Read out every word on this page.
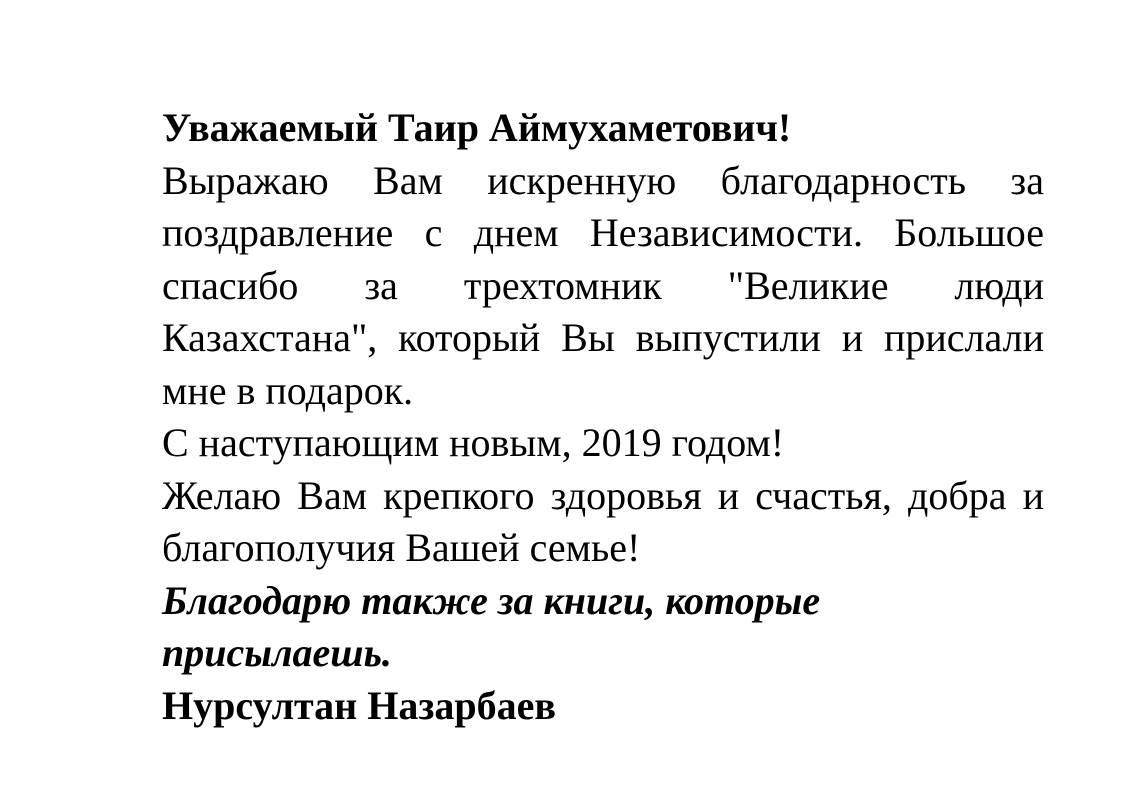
Уважаемый Таир Аймухаметович!

Выражаю Вам искренную благодарность за поздравление с днем Независимости. Большое спасибо за трехтомник "Великие люди Казахстана", который Вы выпустили и прислали мне в подарок.

С наступающим новым, 2019 годом!

Желаю Вам крепкого здоровья и счастья, добра и благополучия Вашей семье!

Благодарю также за книги, которые присылаешь.

Нурсултан Назарбаев
